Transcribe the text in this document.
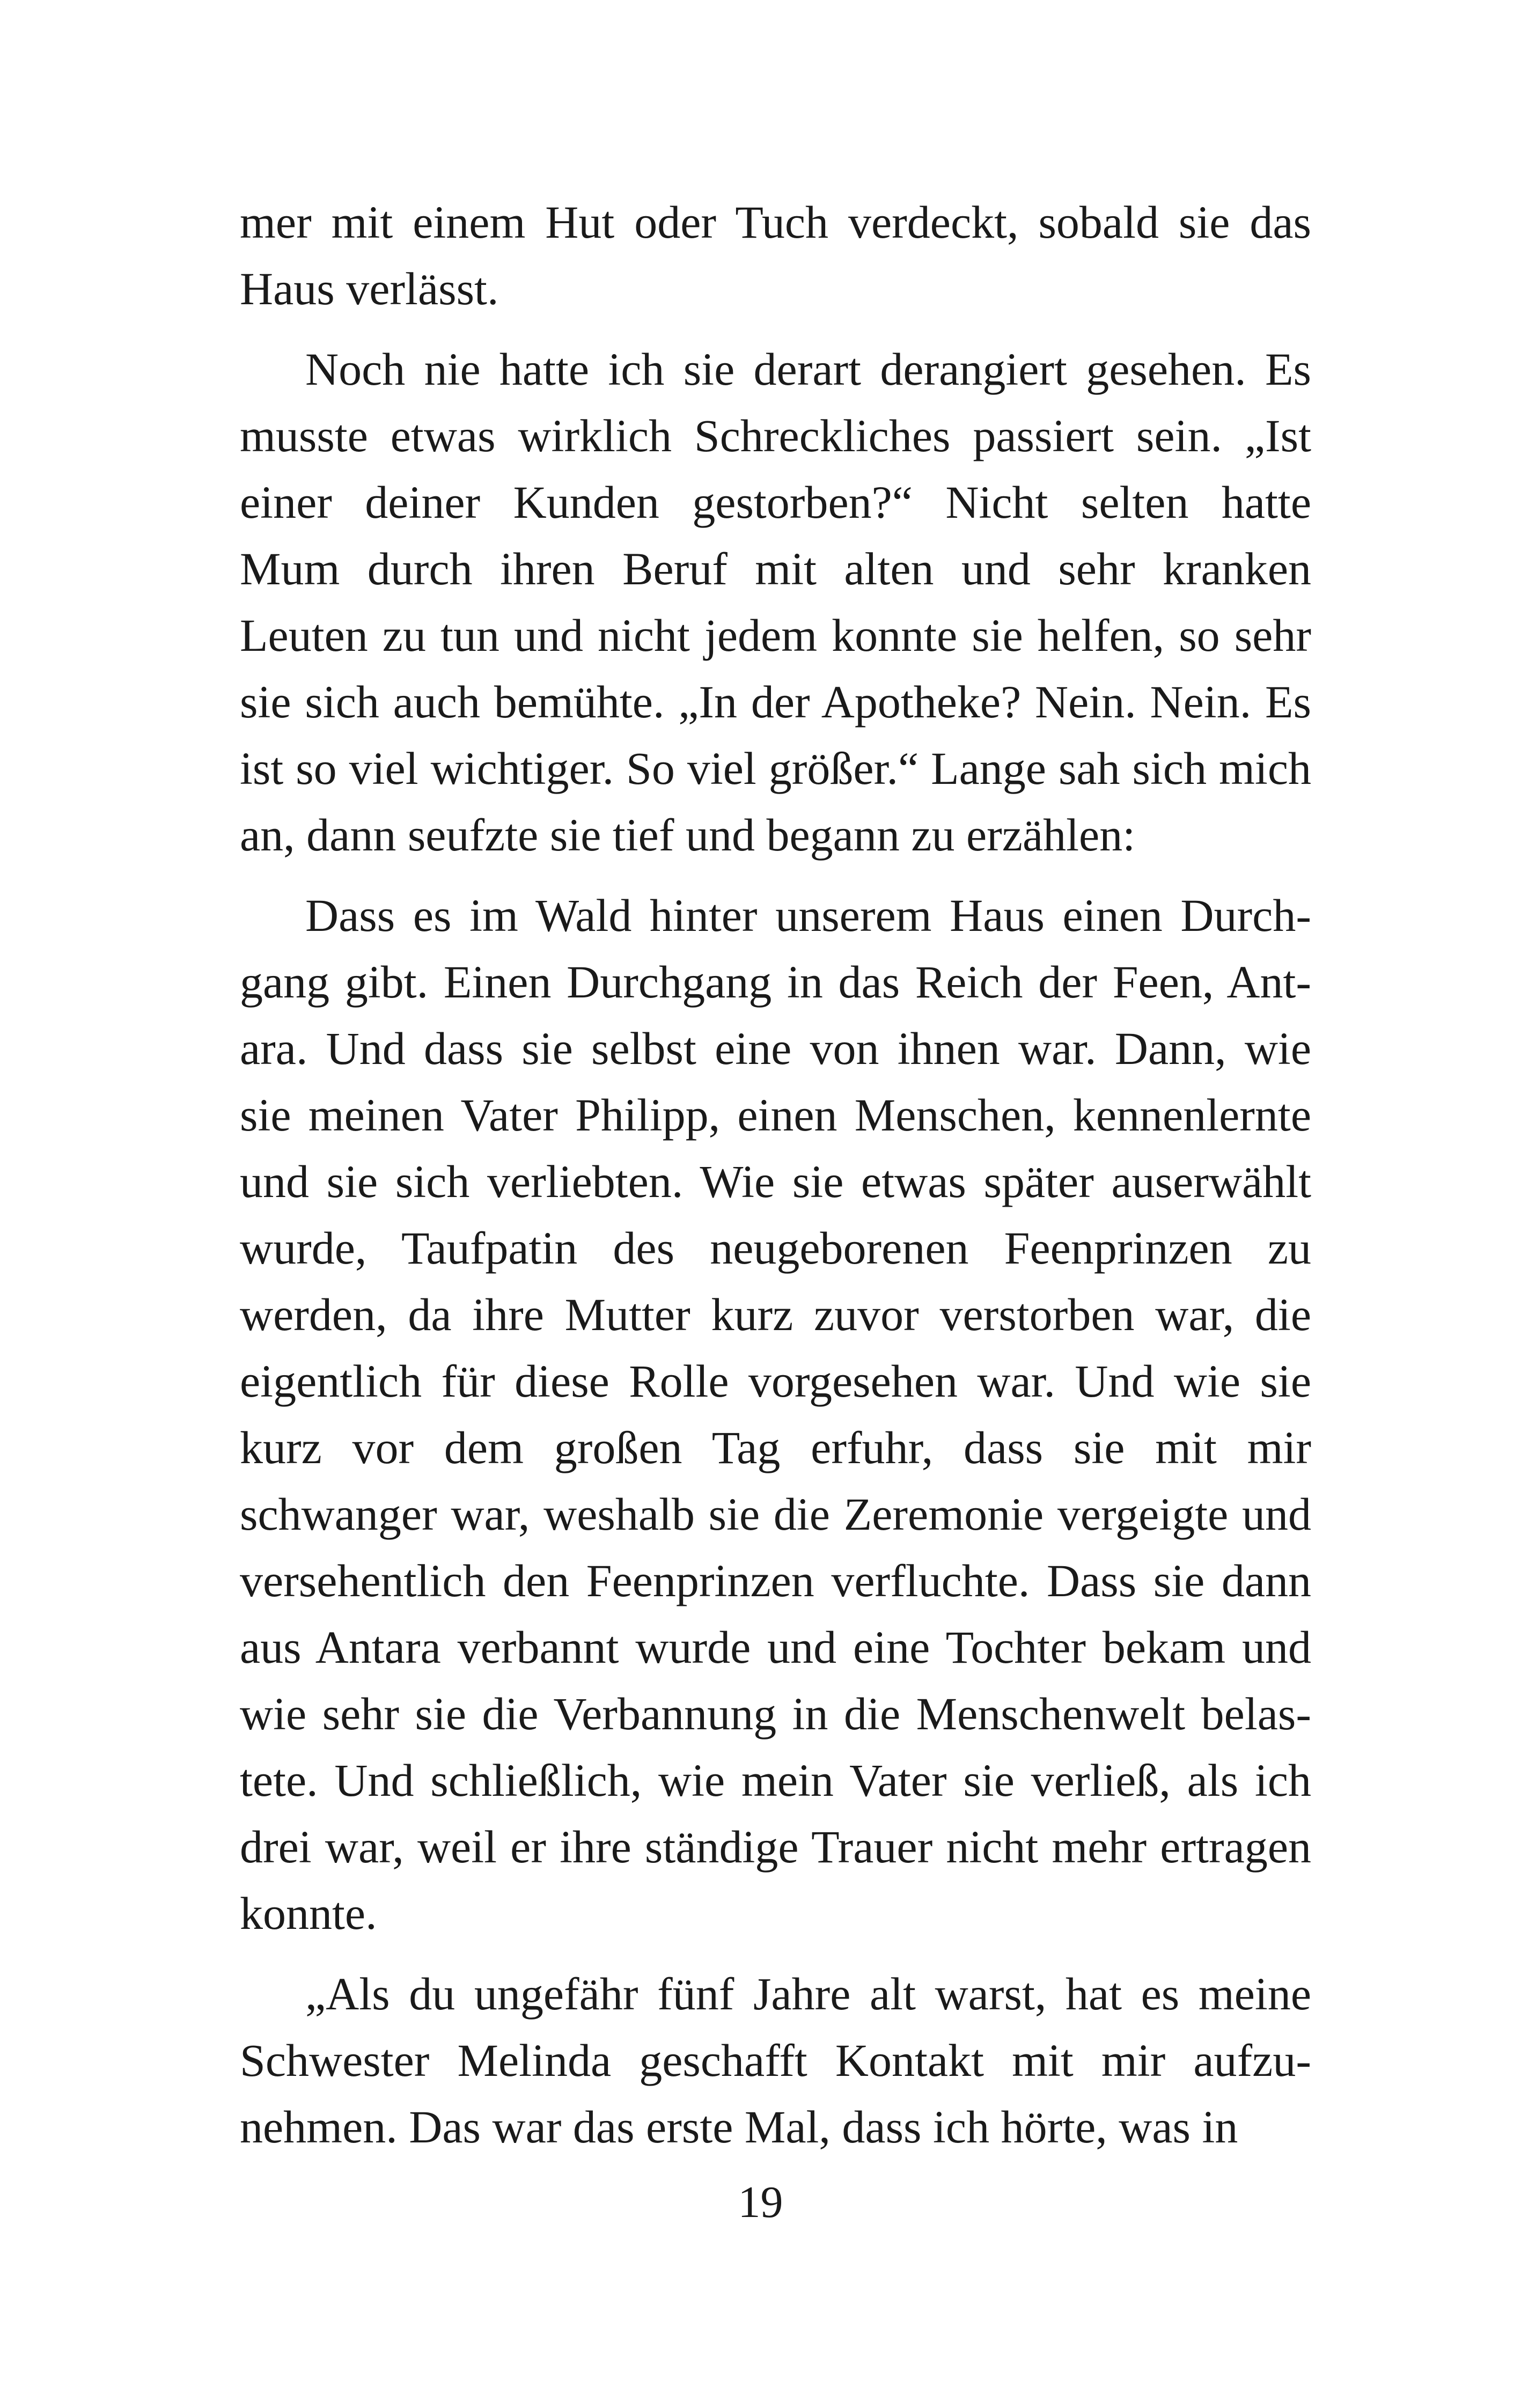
mer mit einem Hut oder Tuch verdeckt, sobald sie das
Haus verlässt.
Noch nie hatte ich sie derart derangiert gesehen. Es
musste etwas wirklich Schreckliches passiert sein. „Ist
einer deiner Kunden gestorben?“ Nicht selten hatte
Mum durch ihren Beruf mit alten und sehr kranken
Leuten zu tun und nicht jedem konnte sie helfen, so sehr
sie sich auch bemühte. „In der Apotheke? Nein. Nein. Es
ist so viel wichtiger. So viel größer.“ Lange sah sich mich
an, dann seufzte sie tief und begann zu erzählen:
Dass es im Wald hinter unserem Haus einen Durch-
gang gibt. Einen Durchgang in das Reich der Feen, Ant-
ara. Und dass sie selbst eine von ihnen war. Dann, wie
sie meinen Vater Philipp, einen Menschen, kennenlernte
und sie sich verliebten. Wie sie etwas später auserwählt
wurde, Taufpatin des neugeborenen Feenprinzen zu
werden, da ihre Mutter kurz zuvor verstorben war, die
eigentlich für diese Rolle vorgesehen war. Und wie sie
kurz vor dem großen Tag erfuhr, dass sie mit mir
schwanger war, weshalb sie die Zeremonie vergeigte und
versehentlich den Feenprinzen verfluchte. Dass sie dann
aus Antara verbannt wurde und eine Tochter bekam und
wie sehr sie die Verbannung in die Menschenwelt belas-
tete. Und schließlich, wie mein Vater sie verließ, als ich
drei war, weil er ihre ständige Trauer nicht mehr ertragen
konnte.
„Als du ungefähr fünf Jahre alt warst, hat es meine
Schwester Melinda geschafft Kontakt mit mir aufzu-
nehmen. Das war das erste Mal, dass ich hörte, was in
19
